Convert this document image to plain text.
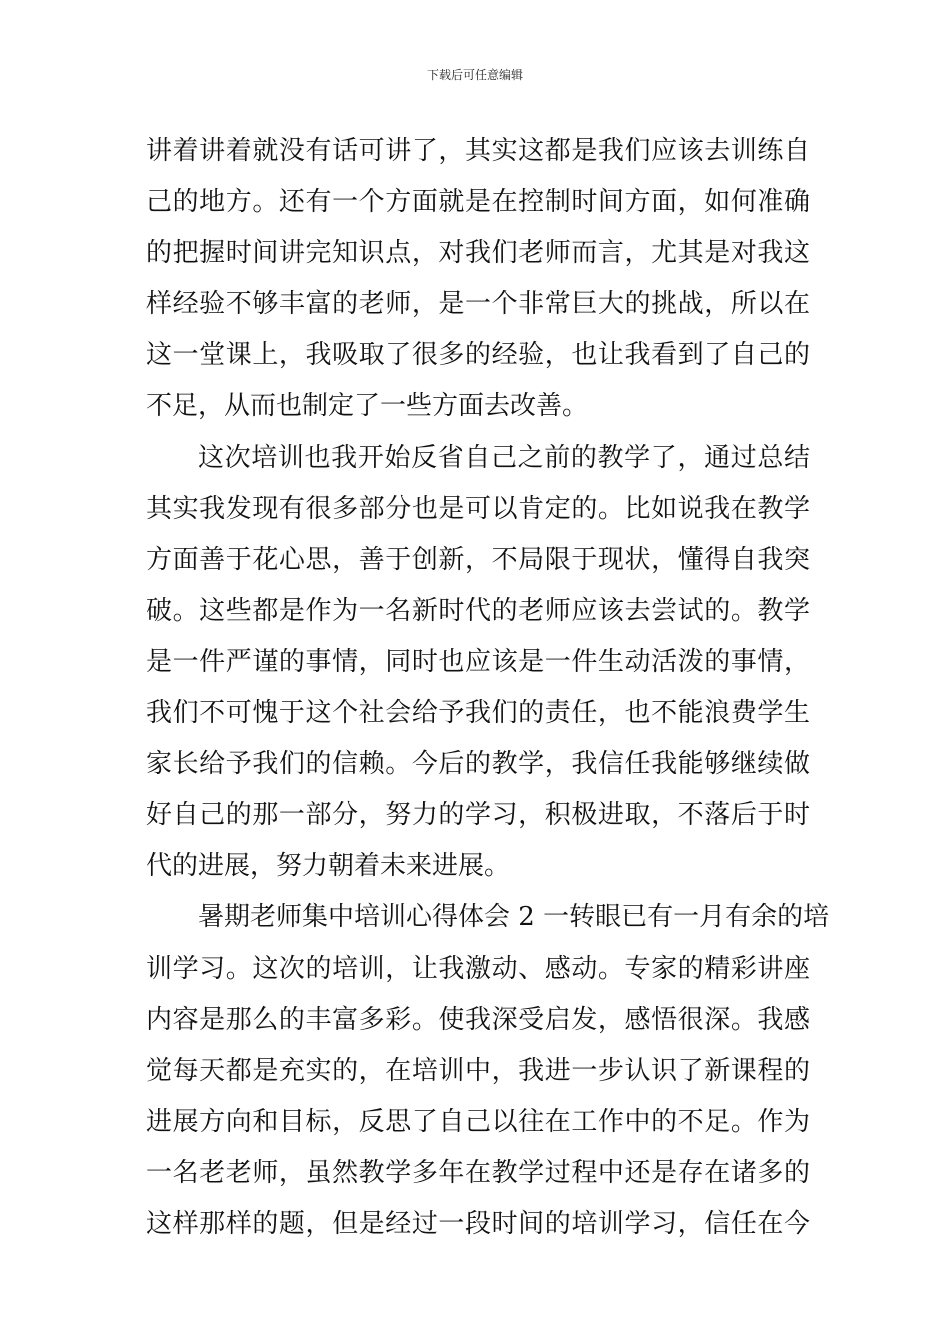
下载后可任意编辑
讲着讲着就没有话可讲了，其实这都是我们应该去训练自
己的地方。还有一个方面就是在控制时间方面，如何准确
的把握时间讲完知识点，对我们老师而言，尤其是对我这
样经验不够丰富的老师，是一个非常巨大的挑战，所以在
这一堂课上，我吸取了很多的经验，也让我看到了自己的
不足，从而也制定了一些方面去改善。
这次培训也我开始反省自己之前的教学了，通过总结
其实我发现有很多部分也是可以肯定的。比如说我在教学
方面善于花心思，善于创新，不局限于现状，懂得自我突
破。这些都是作为一名新时代的老师应该去尝试的。教学
是一件严谨的事情，同时也应该是一件生动活泼的事情，
我们不可愧于这个社会给予我们的责任，也不能浪费学生
家长给予我们的信赖。今后的教学，我信任我能够继续做
好自己的那一部分，努力的学习，积极进取，不落后于时
代的进展，努力朝着未来进展。
暑期老师集中培训心得体会 2 一转眼已有一月有余的培
训学习。这次的培训，让我激动、感动。专家的精彩讲座
内容是那么的丰富多彩。使我深受启发，感悟很深。我感
觉每天都是充实的，在培训中，我进一步认识了新课程的
进展方向和目标，反思了自己以往在工作中的不足。作为
一名老老师，虽然教学多年在教学过程中还是存在诸多的
这样那样的题，但是经过一段时间的培训学习，信任在今
